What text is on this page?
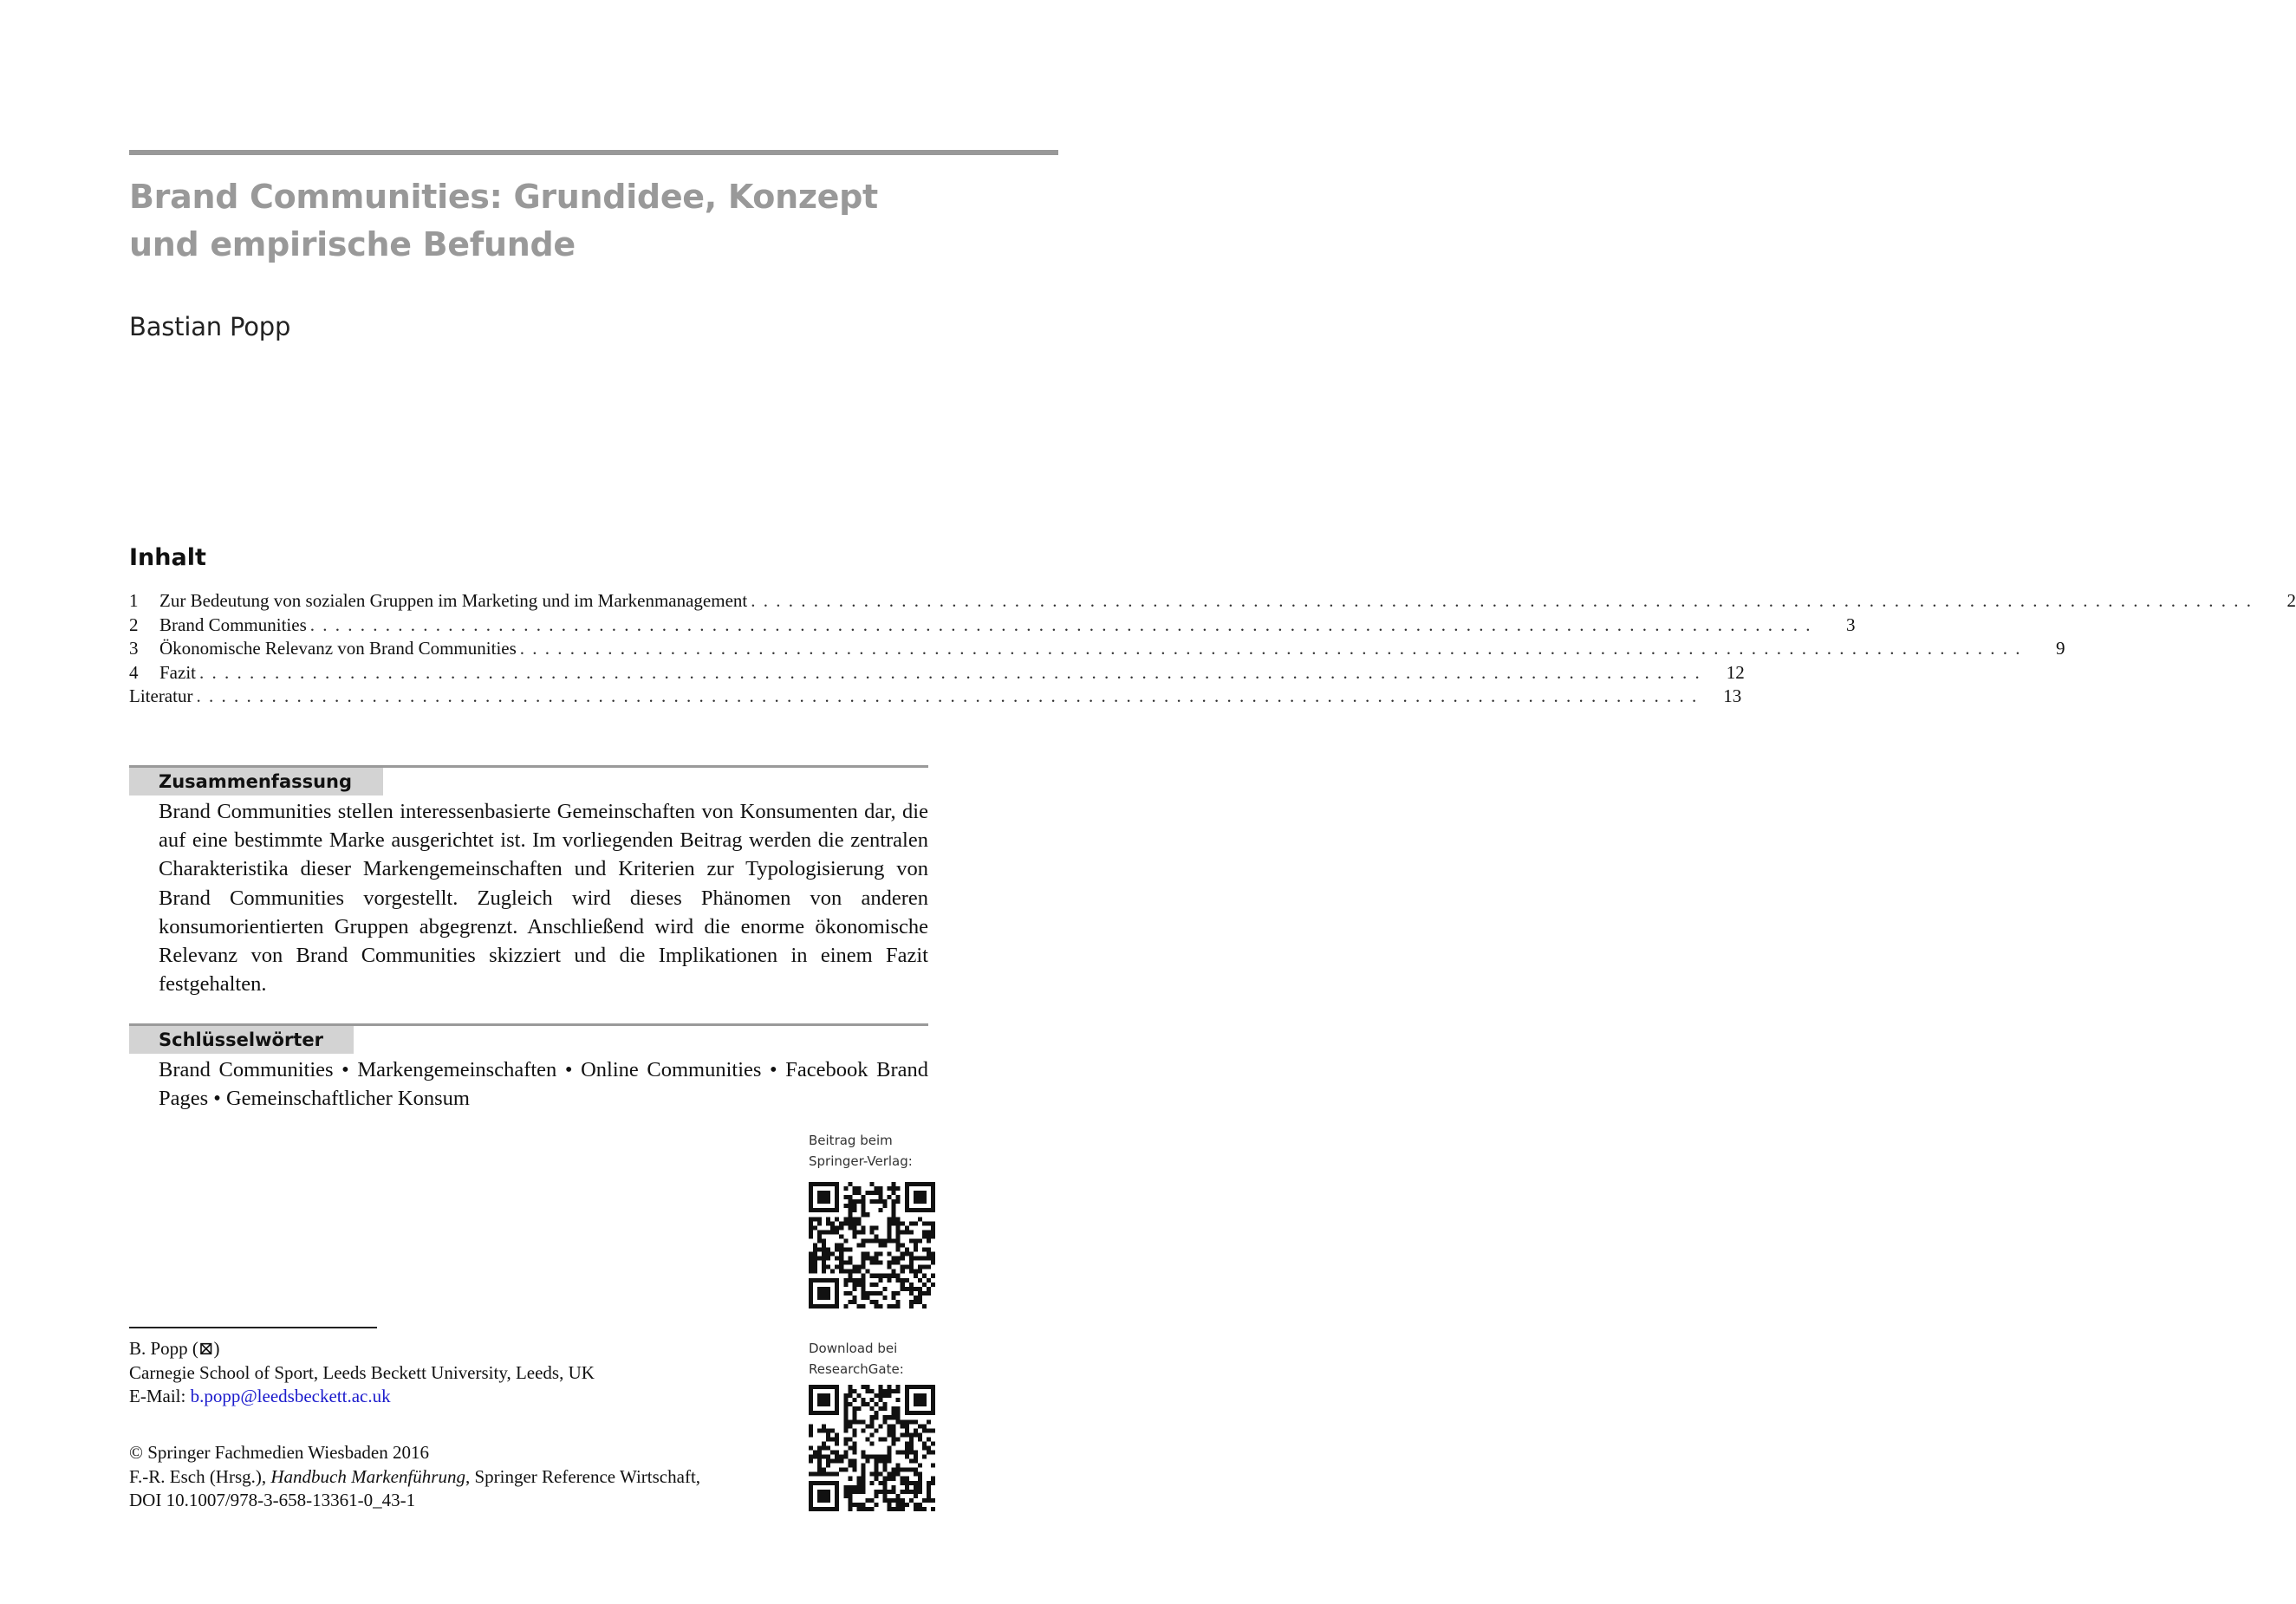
Brand Communities: Grundidee, Konzept
und empirische Befunde
Bastian Popp
Inhalt
1	Zur Bedeutung von sozialen Gruppen im Marketing und im Markenmanagement . . . . . . . . . . . . . . . . . . . . . . . . . . . . . . . . . . . . . . . . . . . . . . . . . . . . . . . . . . . . . . . . . . . . . . . . . . . . . . . . . . . . . . . . . . . . . . . . . . . . . . . . . . . . . . . . . . . . . . . .	2
2	Brand Communities . . . . . . . . . . . . . . . . . . . . . . . . . . . . . . . . . . . . . . . . . . . . . . . . . . . . . . . . . . . . . . . . . . . . . . . . . . . . . . . . . . . . . . . . . . . . . . . . . . . . . . . . . . . . . . . . . . . . . . . .	3
3	Ökonomische Relevanz von Brand Communities . . . . . . . . . . . . . . . . . . . . . . . . . . . . . . . . . . . . . . . . . . . . . . . . . . . . . . . . . . . . . . . . . . . . . . . . . . . . . . . . . . . . . . . . . . . . . . . . . . . . . . . . . . . . . . . . . . . . . . . .	9
4	Fazit . . . . . . . . . . . . . . . . . . . . . . . . . . . . . . . . . . . . . . . . . . . . . . . . . . . . . . . . . . . . . . . . . . . . . . . . . . . . . . . . . . . . . . . . . . . . . . . . . . . . . . . . . . . . . . . . . . . . . . . .	12
Literatur . . . . . . . . . . . . . . . . . . . . . . . . . . . . . . . . . . . . . . . . . . . . . . . . . . . . . . . . . . . . . . . . . . . . . . . . . . . . . . . . . . . . . . . . . . . . . . . . . . . . . . . . . . . . . . . . . . . . . . . .	13
Zusammenfassung
Brand Communities stellen interessenbasierte Gemeinschaften von Konsumenten dar, die auf eine bestimmte Marke ausgerichtet ist. Im vorliegenden Beitrag werden die zentralen Charakteristika dieser Markengemeinschaften und Kriterien zur Typologisierung von Brand Communities vorgestellt. Zugleich wird dieses Phänomen von anderen konsumorientierten Gruppen abgegrenzt. Anschließend wird die enorme ökonomische Relevanz von Brand Communities skizziert und die Implikationen in einem Fazit festgehalten.
Schlüsselwörter
Brand Communities • Markengemeinschaften • Online Communities • Facebook Brand Pages • Gemeinschaftlicher Konsum
Beitrag beim
Springer-Verlag:
Download bei
ResearchGate:
B. Popp (⊠)
Carnegie School of Sport, Leeds Beckett University, Leeds, UK
E-Mail: b.popp@leedsbeckett.ac.uk
© Springer Fachmedien Wiesbaden 2016
F.-R. Esch (Hrsg.), Handbuch Markenführung, Springer Reference Wirtschaft,
DOI 10.1007/978-3-658-13361-0_43-1
